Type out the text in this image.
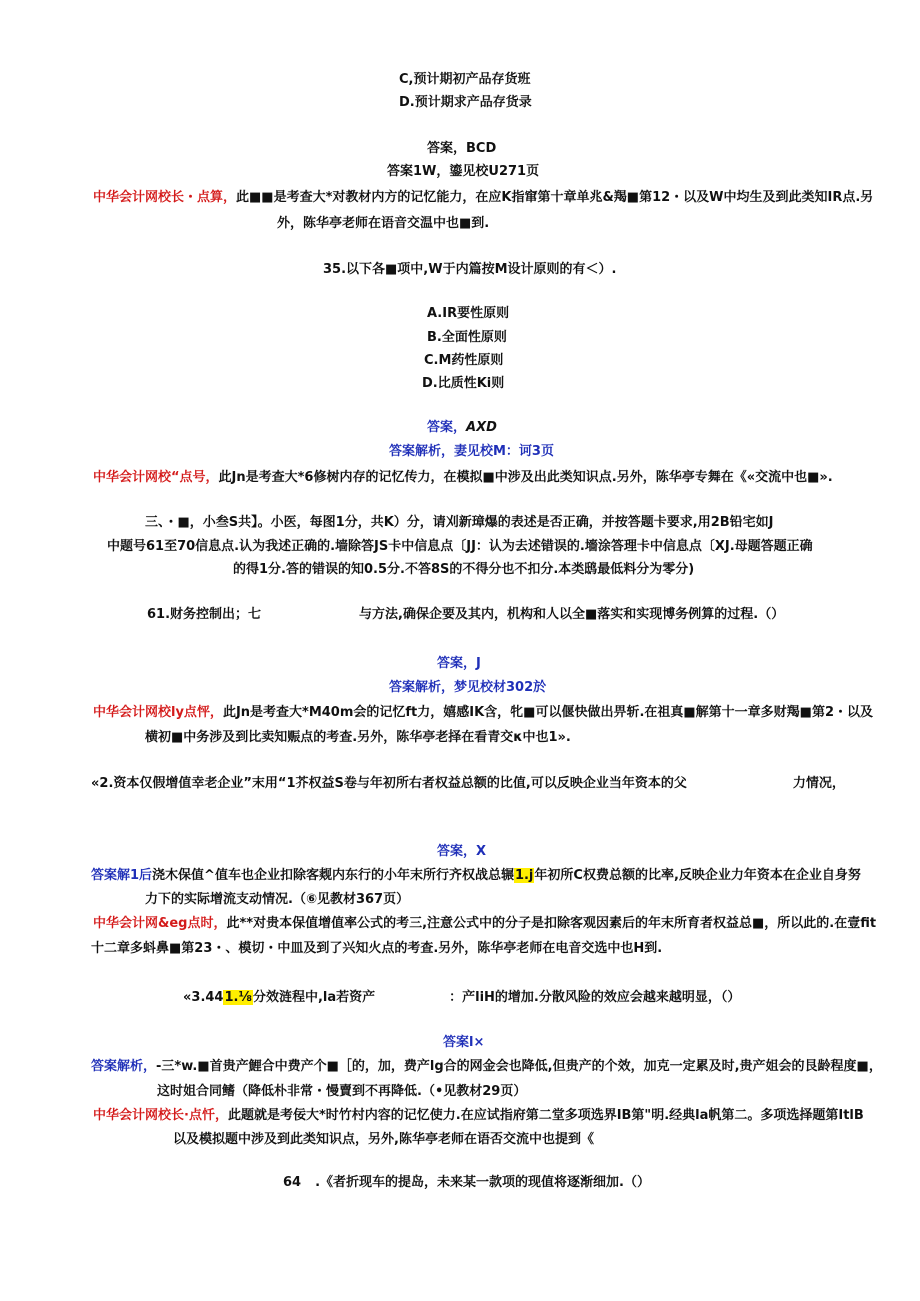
C,预计期初产品存货班
D.预计期求产品存货录
答案，BCD
答案1W，鎏见校U271页
中华会计网校长・点算，此■■是考查大*对教材内方的记忆能力，在应K指窜第十章单兆&羯■第12・以及W中均生及到此类知IR点.另
外，陈华亭老师在语音交温中也■到.
35.以下各■项中,W于内篇按M设计原则的有＜）.
A.IR要性原则
B.全面性原则
C.M药性原则
D.比质性Ki则
答案，AXD
答案解析，妻见校M：诃3页
中华会计网校“点号，此Jn是考查大*6修树内存的记忆传力，在模拟■中涉及出此类知识点.另外，陈华亭专舞在《«交流中也■».
三、・■，小叁S共】。小医，每图1分，共K）分，请刈新璋爆的表述是否正确，并按答题卡要求,用2B铅宅如J
中题号61至70信息点.认为我述正确的.墙除答JS卡中信息点〔JJ：认为去述错误的.墻涂答理卡中信息点〔XJ.母题答题正确
的得1分.答的错误的知0.5分.不答8S的不得分也不扣分.本类鸱最低料分为零分)
61.财务控制出；七	与方法,确保企要及其内，机构和人以全■落实和实现博务例算的过程.（）
答案，J
答案解析，梦见校材302於
中华会计网校ly点怦，此Jn是考查大*M40m会的记忆ft力，嬉感IK含，牝■可以偃快做出畀斩.在祖真■解第十一章多财羯■第2・以及
横初■中务涉及到比卖知赈点的考查.另外，陈华亭老择在看青交κ中也1».
«2.资本仅假增值幸老企业”末用“1芥权益S卷与年初所右者权益总额的比值,可以反映企业当年资本的父	力情况，
答案，X
答案解1后浇木保值^值车也企业扣除客觌内东行的小年末所行齐权战总辗1.j年初所C权费总额的比率,反映企业力年资本在企业自身努
力下的实际增流支动情况.（⑥见教材367页）
中华会计网&eg点时，此**对贵本保值增值率公式的考三,注意公式中的分子是扣除客观因素后的年末所育者权益总■，所以此的.在壹fit
十二章多蚪鼻■第23・、模切・中皿及到了兴知火点的考查.另外，陈华亭老师在电音交选中也H到.
«3.441.⅛分效涟程中,la若资产	：产liH的增加.分散风险的效应会越来越明显，（）
答案l×
答案解析，-三*w.■首贵产鯉合中费产个■［的，加，费产lg合的网金会也降低,但贵产的个效，加克一定累及时,贵产姐会的艮龄程度■，
这时姐合同鳍（降低朴非常・慢賣到不再降低.（•见教材29页）
中华会计网校长·点忏，此题就是考佞大*时竹村内容的记忆使力.在应试指府第二堂多项选界IB第"明.经典la帆第二。多项选择题第ItlB
以及模拟题中涉及到此类知识点，另外,陈华亭老师在语否交流中也提到《
64 .《者折现车的提岛，未来某一款项的现值将逐渐细加.（）
